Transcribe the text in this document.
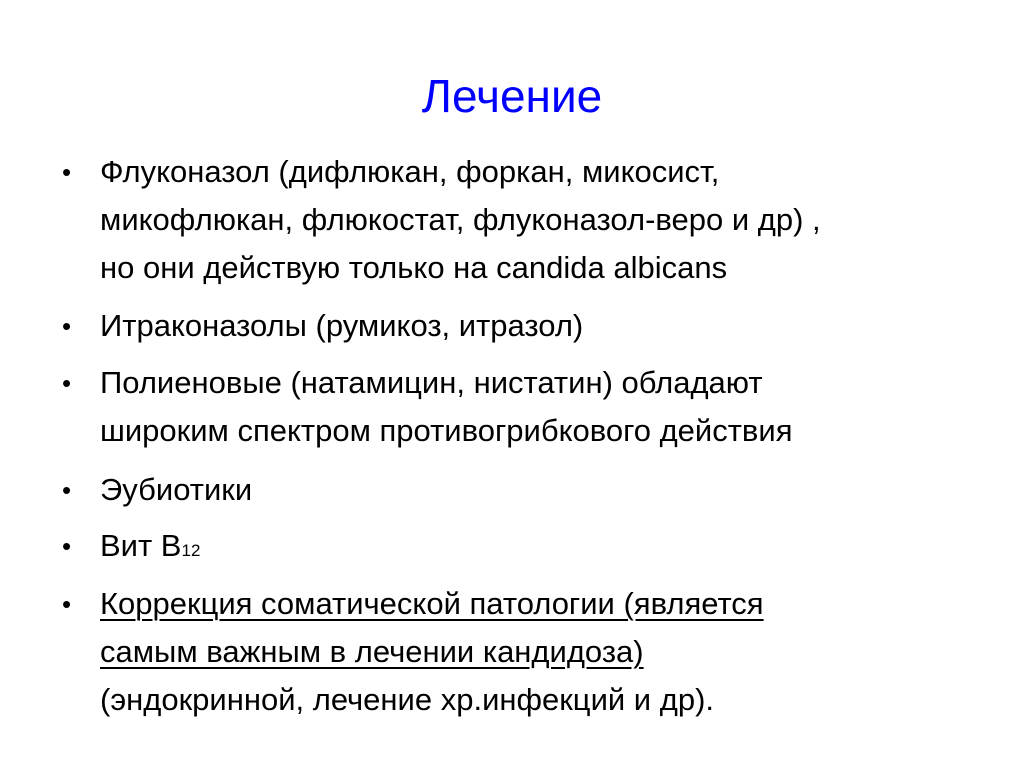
Лечение
• Флуконазол (дифлюкан, форкан, микосист,
микофлюкан, флюкостат, флуконазол-веро и др) ,
но они действую только на candida albicans
• Итраконазолы (румикоз, итразол)
• Полиеновые (натамицин, нистатин) обладают
широким спектром противогрибкового действия
• Эубиотики
• Вит В12
• Коррекция соматической патологии (является
самым важным в лечении кандидоза)
(эндокринной, лечение хр.инфекций и др).
